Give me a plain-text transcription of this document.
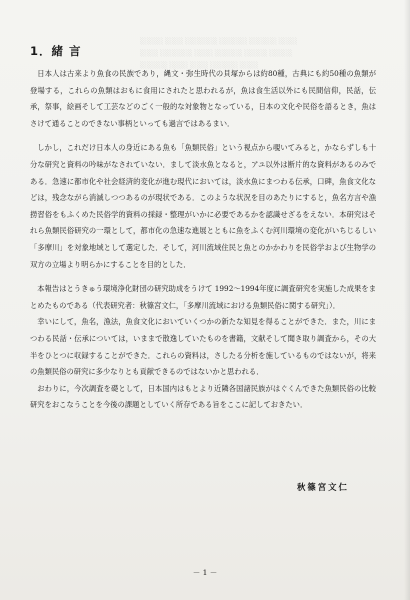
░░░░░ ░░░░ ░░░░░░░ ░░░░░░ ░░░░░░ ░░░░
░░░░ ░░░░░░░ ░░░░ ░░░░░░ ░░░░░ ░░░░░
░░░░░░ ░░░░ ░░░░ ░░░░░░ ░░░░
1．緒 言

日本人は古来より魚食の民族であり，縄文・弥生時代の貝塚からは約80種，古典にも約50種の魚類が登場する，これらの魚類はおもに食用にされたと思われるが，魚は食生活以外にも民間信仰，民話，伝承，祭事，絵画そして工芸などのごく一般的な対象物となっている，日本の文化や民俗を語るとき，魚はさけて通ることのできない事柄といっても過言ではあるまい．

しかし，これだけ日本人の身近にある魚も「魚類民俗」という視点から覗いてみると，かならずしも十分な研究と資料の吟味がなされていない．まして淡水魚となると，アユ以外は断片的な資料があるのみである．急速に都市化や社会経済的変化が進む現代においては，淡水魚にまつわる伝承，口碑，魚食文化などは，残念ながら消滅しつつあるのが現状である．このような状況を目のあたりにすると，魚名方言や漁撈習俗をもふくめた民俗学的資料の採録・整理がいかに必要であるかを認識せざるをえない．本研究はそれら魚類民俗研究の一環として，都市化の急速な進展とともに魚をふくむ河川環境の変化がいちじるしい「多摩川」を対象地域として選定した．そして，河川流域住民と魚とのかかわりを民俗学および生物学の双方の立場より明らかにすることを目的とした．

本報告はとうきゅう環境浄化財団の研究助成をうけて 1992～1994年度に調査研究を実施した成果をまとめたものである（代表研究者：秋篠宮文仁，「多摩川流域における魚類民俗に関する研究」）．

幸いにして，魚名，漁法，魚食文化においていくつかの新たな知見を得ることができた．また，川にまつわる民話・伝承については，いままで散逸していたものを書籍，文献そして聞き取り調査から，その大半をひとつに収録することができた．これらの資料は，さしたる分析を施しているものではないが，将来の魚類民俗の研究に多少なりとも貢献できるのではないかと思われる．

おわりに，今次調査を礎として，日本国内はもとより近隣各国諸民族がはぐくんできた魚類民俗の比較研究をおこなうことを今後の課題としていく所存である旨をここに記しておきたい．

秋篠宮文仁
－ 1 －
